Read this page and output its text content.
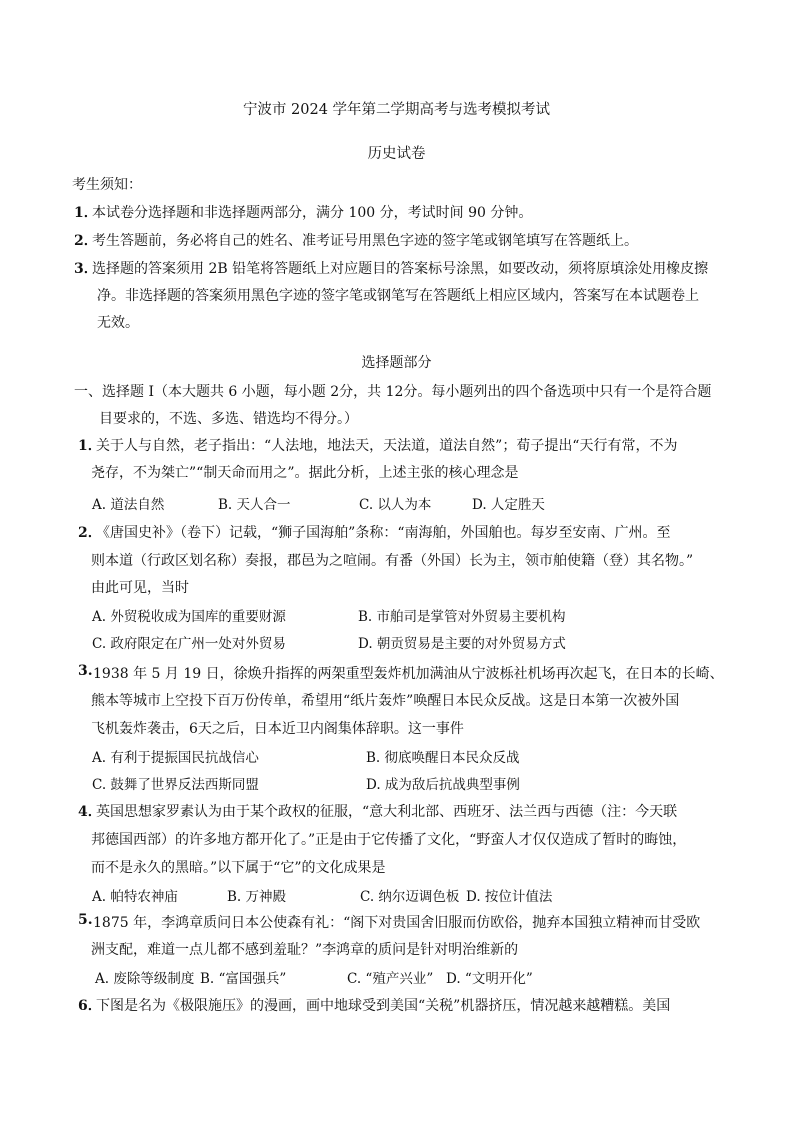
宁波市 2024 学年第二学期高考与选考模拟考试
历史试卷
考生须知：
1．
本试卷分选择题和非选择题两部分，满分 100 分，考试时间 90 分钟。
2．
考生答题前，务必将自己的姓名、准考证号用黑色字迹的签字笔或钢笔填写在答题纸上。
3．
选择题的答案须用 2B 铅笔将答题纸上对应题目的答案标号涂黑，如要改动，须将原填涂处用橡皮擦
净。非选择题的答案须用黑色字迹的签字笔或钢笔写在答题纸上相应区域内，答案写在本试题卷上
无效。
选择题部分
一、选择题 I（本大题共 6 小题，每小题 2分，共 12分。每小题列出的四个备选项中只有一个是符合题
目要求的，不选、多选、错选均不得分。）
1．
关于人与自然，老子指出：“人法地，地法天，天法道，道法自然”；荀子提出“天行有常，不为
尧存，不为桀亡”“制天命而用之”。据此分析，上述主张的核心理念是
A. 道法自然	B. 天人合一	C. 以人为本	D. 人定胜天
2．
《唐国史补》（卷下）记载，“狮子国海舶”条称：“南海舶，外国舶也。每岁至安南、广州。至
则本道（行政区划名称）奏报，郡邑为之喧闹。有番（外国）长为主，领市舶使籍（登）其名物。”
由此可见，当时
A. 外贸税收成为国库的重要财源	B. 市舶司是掌管对外贸易主要机构
C. 政府限定在广州一处对外贸易	D. 朝贡贸易是主要的对外贸易方式
3. 1938 年 5 月 19 日，徐焕升指挥的两架重型轰炸机加满油从宁波栎社机场再次起飞，在日本的长崎、
熊本等城市上空投下百万份传单，希望用“纸片轰炸”唤醒日本民众反战。这是日本第一次被外国
飞机轰炸袭击，6天之后，日本近卫内阁集体辞职。这一事件
A. 有利于提振国民抗战信心	B. 彻底唤醒日本民众反战
C. 鼓舞了世界反法西斯同盟	D. 成为敌后抗战典型事例
4．
英国思想家罗素认为由于某个政权的征服，“意大利北部、西班牙、法兰西与西德（注：今天联
邦德国西部）的许多地方都开化了。”正是由于它传播了文化，“野蛮人才仅仅造成了暂时的晦蚀，
而不是永久的黑暗。”以下属于“它”的文化成果是
A. 帕特农神庙	B. 万神殿	C. 纳尔迈调色板 D. 按位计值法
5. 1875 年，李鸿章质问日本公使森有礼：“阁下对贵国舍旧服而仿欧俗，抛弃本国独立精神而甘受欧
洲支配，难道一点儿都不感到羞耻？”李鸿章的质问是针对明治维新的
A. 废除等级制度 B. “富国强兵”	C. “殖产兴业” D. “文明开化”
6．
下图是名为《极限施压》的漫画，画中地球受到美国“关税”机器挤压，情况越来越糟糕。美国
